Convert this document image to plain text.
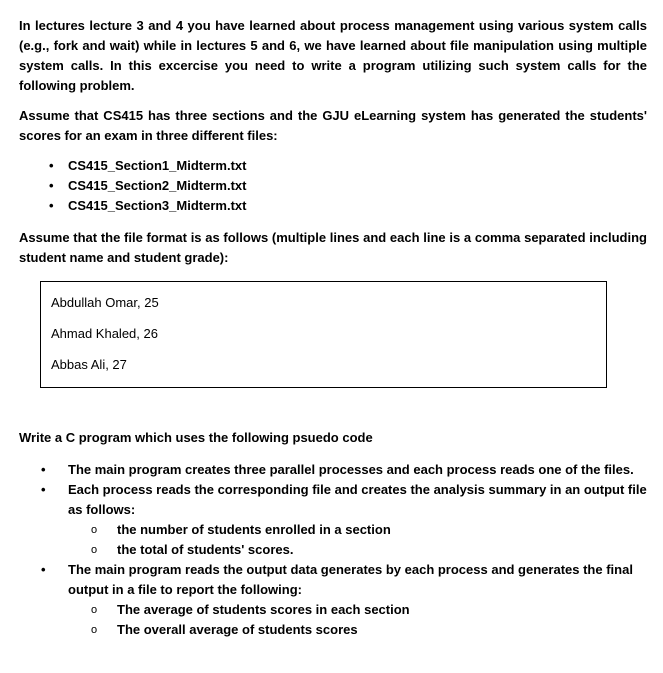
In lectures lecture 3 and 4 you have learned about process management using various system calls (e.g., fork and wait) while in lectures 5 and 6, we have learned about file manipulation using multiple system calls. In this excercise you need to write a program utilizing such system calls for the following problem.

Assume that CS415 has three sections and the GJU eLearning system has generated the students' scores for an exam in three different files:

• CS415_Section1_Midterm.txt
• CS415_Section2_Midterm.txt
• CS415_Section3_Midterm.txt

Assume that the file format is as follows (multiple lines and each line is a comma separated including student name and student grade):

Abdullah Omar, 25
Ahmad Khaled, 26
Abbas Ali, 27

Write a C program which uses the following psuedo code

• The main program creates three parallel processes and each process reads one of the files.
• Each process reads the corresponding file and creates the analysis summary in an output file as follows:
o the number of students enrolled in a section
o the total of students' scores.
• The main program reads the output data generates by each process and generates the final output in a file to report the following:
o The average of students scores in each section
o The overall average of students scores
